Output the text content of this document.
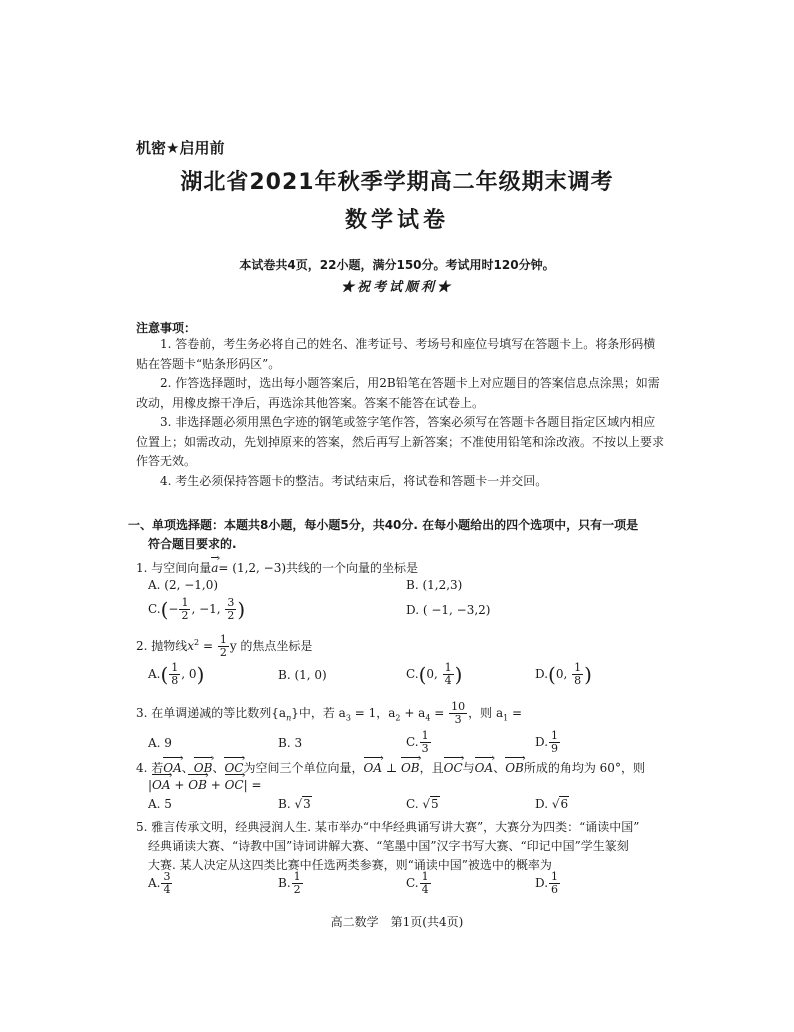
机密★启用前
湖北省2021年秋季学期高二年级期末调考
数学试卷
本试卷共4页，22小题，满分150分。考试用时120分钟。
★祝考试顺利★
注意事项：
1. 答卷前，考生务必将自己的姓名、准考证号、考场号和座位号填写在答题卡上。将条形码横贴在答题卡“贴条形码区”。
2. 作答选择题时，选出每小题答案后，用2B铅笔在答题卡上对应题目的答案信息点涂黑；如需改动，用橡皮擦干净后，再选涂其他答案。答案不能答在试卷上。
3. 非选择题必须用黑色字迹的钢笔或签字笔作答，答案必须写在答题卡各题目指定区域内相应位置上；如需改动，先划掉原来的答案，然后再写上新答案；不准使用铅笔和涂改液。不按以上要求作答无效。
4. 考生必须保持答题卡的整洁。考试结束后，将试卷和答题卡一并交回。
一、单项选择题：本题共8小题，每小题5分，共40分. 在每小题给出的四个选项中，只有一项是
符合题目要求的.
1. 与空间向量a ›= (1,2, −3)共线的一个向量的坐标是
A. (2, −1,0)	B. (1,2,3)
$C.(- \frac{1}{2}$ , −1, $\frac{3}{2}$ )	D. ( −1, −3,2)
2. 抛物线$x^2 = \frac{1}{2}$ y 的焦点坐标是
$A.( \frac{1}{8}$ , 0)	B. (1, 0)	C.(0, $\frac{1}{4}$ )	D.(0, $\frac{1}{8}$ )
3. 在单调递减的等比数列$\{a_n\}$中，若 $a_3 = 1$，$a_2 + a_4 = \frac{10}{3}$ ，则 $a_1$ =
A. 9	B. 3	C. $\frac{1}{3}$	D. $\frac{1}{9}$
4. 若OA ›、OB ›、OC ›为空间三个单位向量，OA › ⊥ OB ›，且OC ›与OA ›、OB ›所成的角均为 60°，则
|OA › + OB › + OC ›| =
A. 5	B. √3	C. √5	D. √6
5. 雅言传承文明，经典浸润人生. 某市举办“中华经典诵写讲大赛”，大赛分为四类：“诵读中国”
经典诵读大赛、“诗教中国”诗词讲解大赛、“笔墨中国”汉字书写大赛、“印记中国”学生篆刻
大赛. 某人决定从这四类比赛中任选两类参赛，则“诵读中国”被选中的概率为
A. $\frac{3}{4}$	B. $\frac{1}{2}$	C. $\frac{1}{4}$	D. $\frac{1}{6}$
高二数学　第1页(共4页)
